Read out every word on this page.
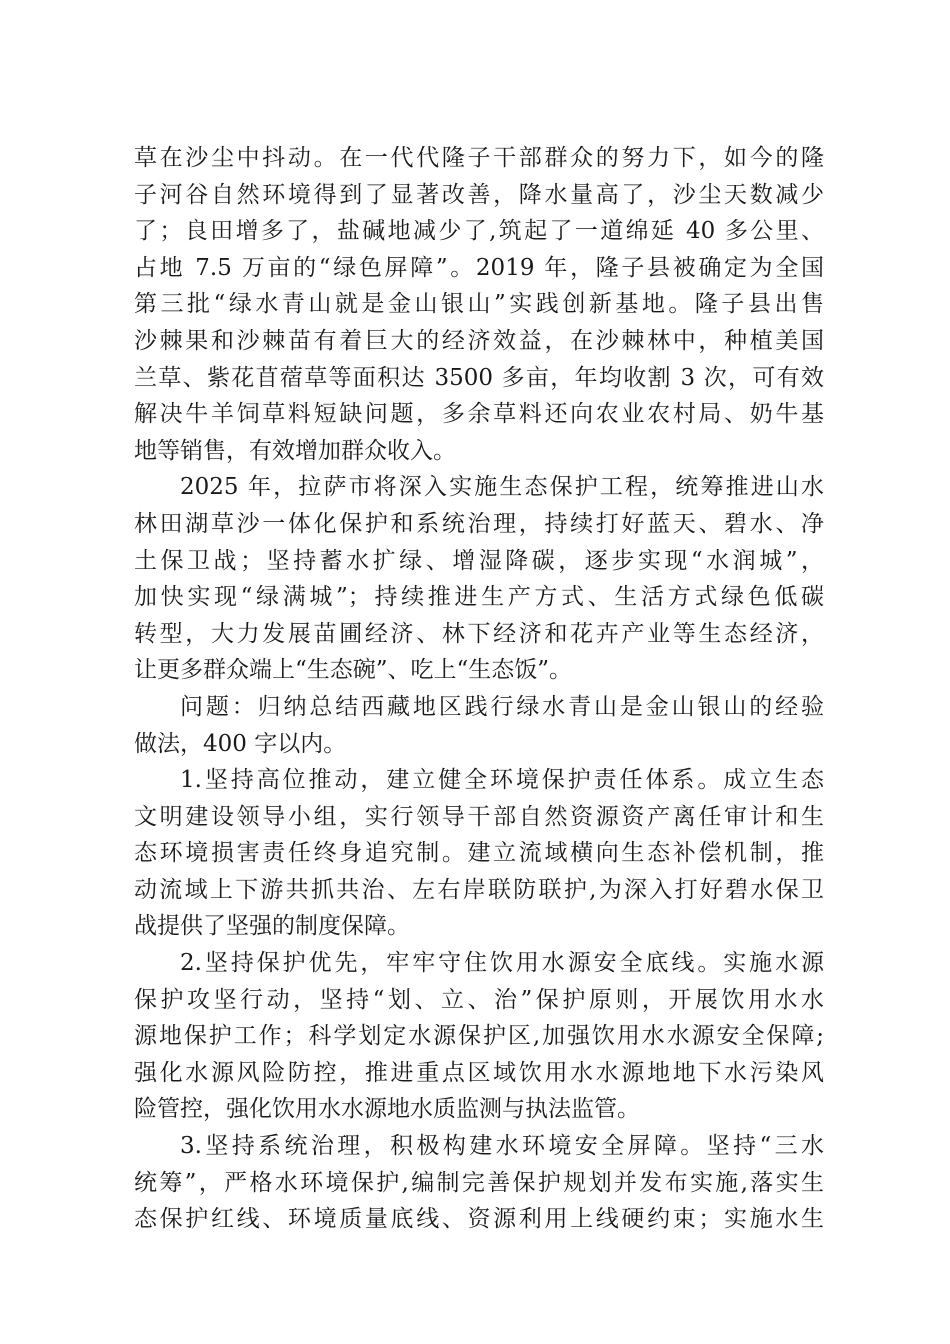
草在沙尘中抖动。在一代代隆子干部群众的努力下，如今的隆
子河谷自然环境得到了显著改善，降水量高了，沙尘天数减少
了；良田增多了，盐碱地减少了,筑起了一道绵延 40 多公里、
占地 7.5 万亩的“绿色屏障”。2019 年，隆子县被确定为全国
第三批“绿水青山就是金山银山”实践创新基地。隆子县出售
沙棘果和沙棘苗有着巨大的经济效益，在沙棘林中，种植美国
兰草、紫花苜蓿草等面积达 3500 多亩，年均收割 3 次，可有效
解决牛羊饲草料短缺问题，多余草料还向农业农村局、奶牛基
地等销售，有效增加群众收入。
2025 年，拉萨市将深入实施生态保护工程，统筹推进山水
林田湖草沙一体化保护和系统治理，持续打好蓝天、碧水、净
土保卫战；坚持蓄水扩绿、增湿降碳，逐步实现“水润城”，
加快实现“绿满城”；持续推进生产方式、生活方式绿色低碳
转型，大力发展苗圃经济、林下经济和花卉产业等生态经济，
让更多群众端上“生态碗”、吃上“生态饭”。
问题：归纳总结西藏地区践行绿水青山是金山银山的经验
做法，400 字以内。
1.坚持高位推动，建立健全环境保护责任体系。成立生态
文明建设领导小组，实行领导干部自然资源资产离任审计和生
态环境损害责任终身追究制。建立流域横向生态补偿机制，推
动流域上下游共抓共治、左右岸联防联护,为深入打好碧水保卫
战提供了坚强的制度保障。
2.坚持保护优先，牢牢守住饮用水源安全底线。实施水源
保护攻坚行动，坚持“划、立、治”保护原则，开展饮用水水
源地保护工作；科学划定水源保护区,加强饮用水水源安全保障;
强化水源风险防控，推进重点区域饮用水水源地地下水污染风
险管控，强化饮用水水源地水质监测与执法监管。
3.坚持系统治理，积极构建水环境安全屏障。坚持“三水
统筹”，严格水环境保护,编制完善保护规划并发布实施,落实生
态保护红线、环境质量底线、资源利用上线硬约束；实施水生
